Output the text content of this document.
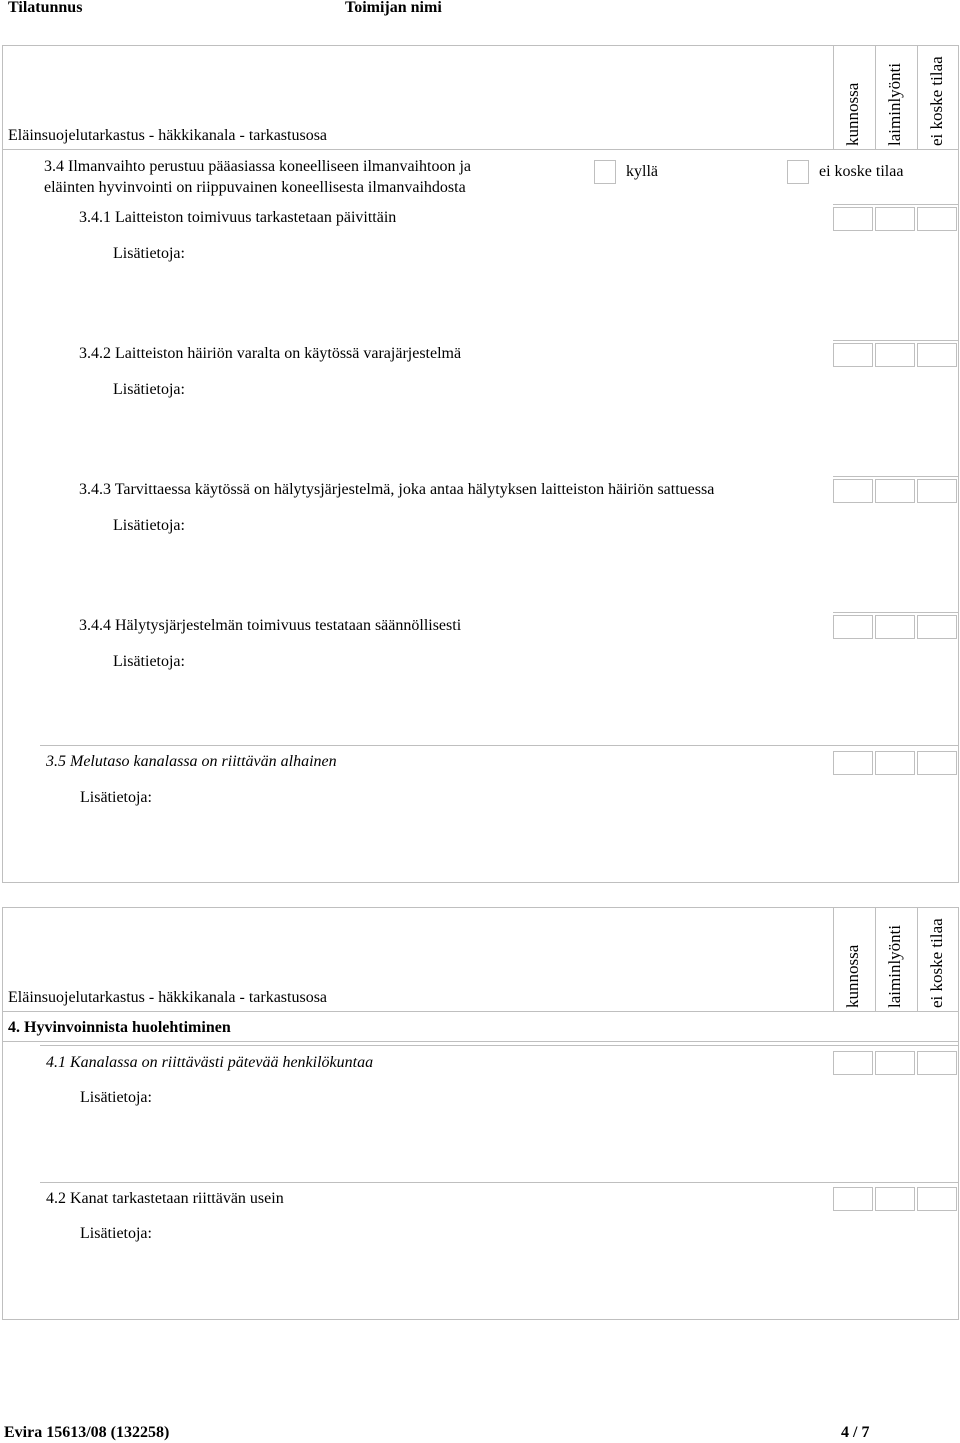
Tilatunnus	Toimijan nimi
kunnossa laiminlyönti ei koske tilaa
Eläinsuojelutarkastus - häkkikanala - tarkastusosa
3.4 Ilmanvaihto perustuu pääasiassa koneelliseen ilmanvaihtoon ja
eläinten hyvinvointi on riippuvainen koneellisesta ilmanvaihdosta
kyllä	ei koske tilaa
3.4.1 Laitteiston toimivuus tarkastetaan päivittäin
Lisätietoja:
3.4.2 Laitteiston häiriön varalta on käytössä varajärjestelmä
Lisätietoja:
3.4.3 Tarvittaessa käytössä on hälytysjärjestelmä, joka antaa hälytyksen laitteiston häiriön sattuessa
Lisätietoja:
3.4.4 Hälytysjärjestelmän toimivuus testataan säännöllisesti
Lisätietoja:
3.5 Melutaso kanalassa on riittävän alhainen
Lisätietoja:
kunnossa laiminlyönti ei koske tilaa
Eläinsuojelutarkastus - häkkikanala - tarkastusosa
4. Hyvinvoinnista huolehtiminen
4.1 Kanalassa on riittävästi pätevää henkilökuntaa
Lisätietoja:
4.2 Kanat tarkastetaan riittävän usein
Lisätietoja:
Evira 15613/08 (132258)	4 / 7
